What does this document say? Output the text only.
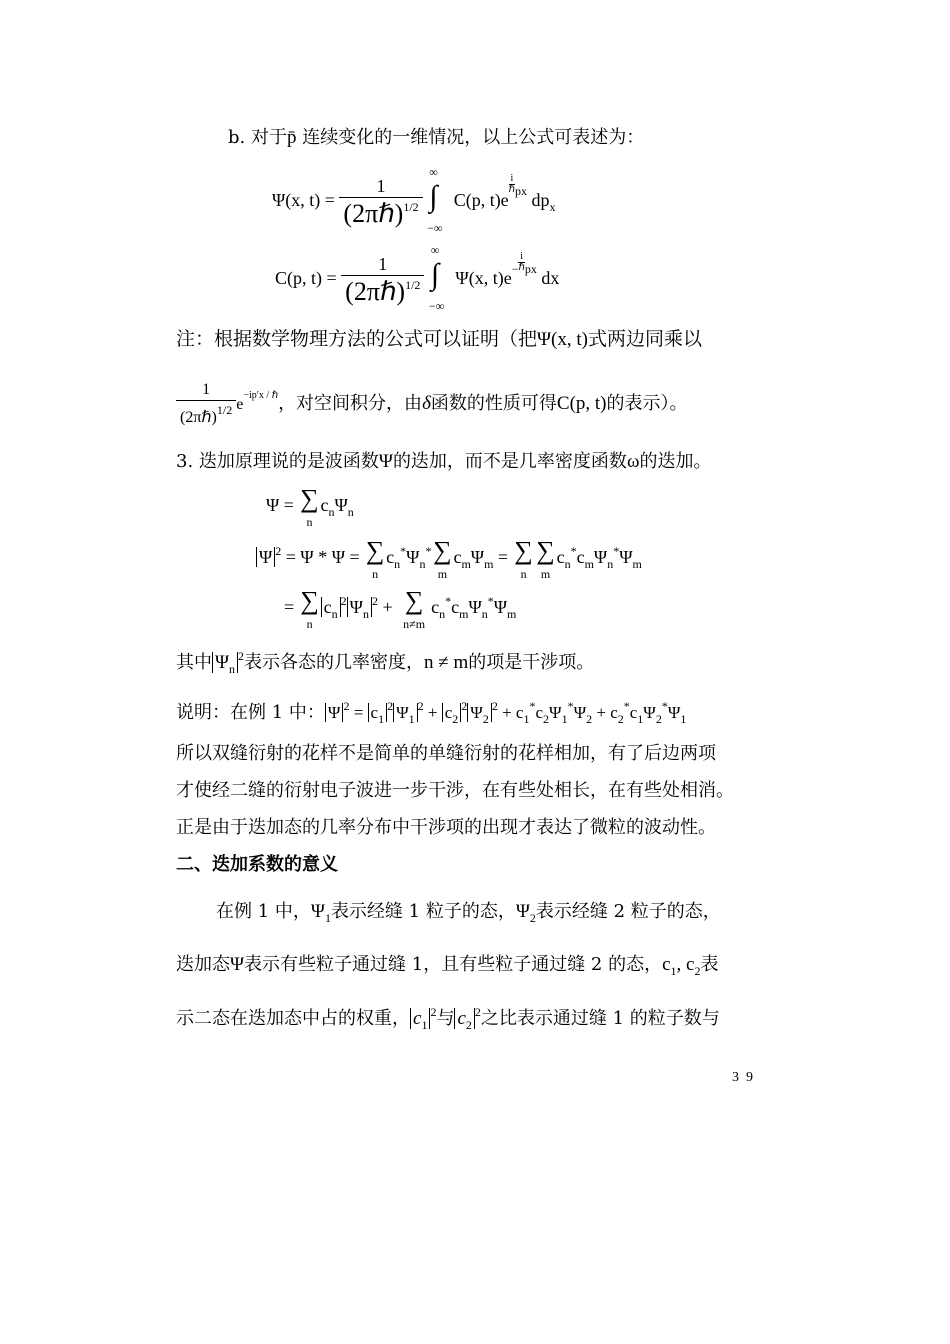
b. 对于p̄ 连续变化的一维情况，以上公式可表述为：
Ψ(x, $t) = \frac{1}{(2\pi\hbar)^{1/2}}$

∞
∫
−∞
C(p, t)e
i
ℏ$^{px}$ $dp_x$
C(p, $t) = \frac{1}{(2\pi\hbar)^{1/2}}$

∞
∫
−∞
Ψ(x, t)e−
i
ℏ$^{px}$ dx
注：根据数学物理方法的公式可以证明（把Ψ(x, t)式两边同乘以
$\frac{1}{(2\pi\hbar)^{1/2}} e^{-ip'x / \hbar}$，对空间积分，由δ函数的性质可得C(p, t)的表示）。
3. 迭加原理说的是波函数Ψ的迭加，而不是几率密度函数ω的迭加。
Ψ = ∑
n
$c_n\Psi_n$
Ψ $^2$ = Ψ * Ψ = ∑
n
$c_n^*\Psi_n^*$ ∑
m
$c_m\Psi_m$ = ∑
n
∑
m
$c_n^*c_m\Psi_n^*\Psi_m$
= ∑
n
$c_n^2$ $\Psi_n^2$ + ∑
n≠m
$c_n^*c_m\Psi_n^*\Psi_m$
其中 $\Psi_n^2$表示各态的几率密度，n ≠ m的项是干涉项。
说明：在例 1 中： Ψ $^2 = c_1^2$ $\Psi_1^2 + c_2^2$ $\Psi_2^2 + c_1^*c_2\Psi_1^*\Psi_2 + c_2^*c_1\Psi_2^*\Psi_1$
所以双缝衍射的花样不是简单的单缝衍射的花样相加，有了后边两项
才使经二缝的衍射电子波进一步干涉，在有些处相长，在有些处相消。
正是由于迭加态的几率分布中干涉项的出现才表达了微粒的波动性。
二、迭加系数的意义
在例 1 中，$\Psi_1$表示经缝 1 粒子的态，$\Psi_2$表示经缝 2 粒子的态，
迭加态Ψ表示有些粒子通过缝 1，且有些粒子通过缝 2 的态，$c_1$, $c_2$表
示二态在迭加态中占的权重， $c_1^2$与 $c_2^2$之比表示通过缝 1 的粒子数与
39
